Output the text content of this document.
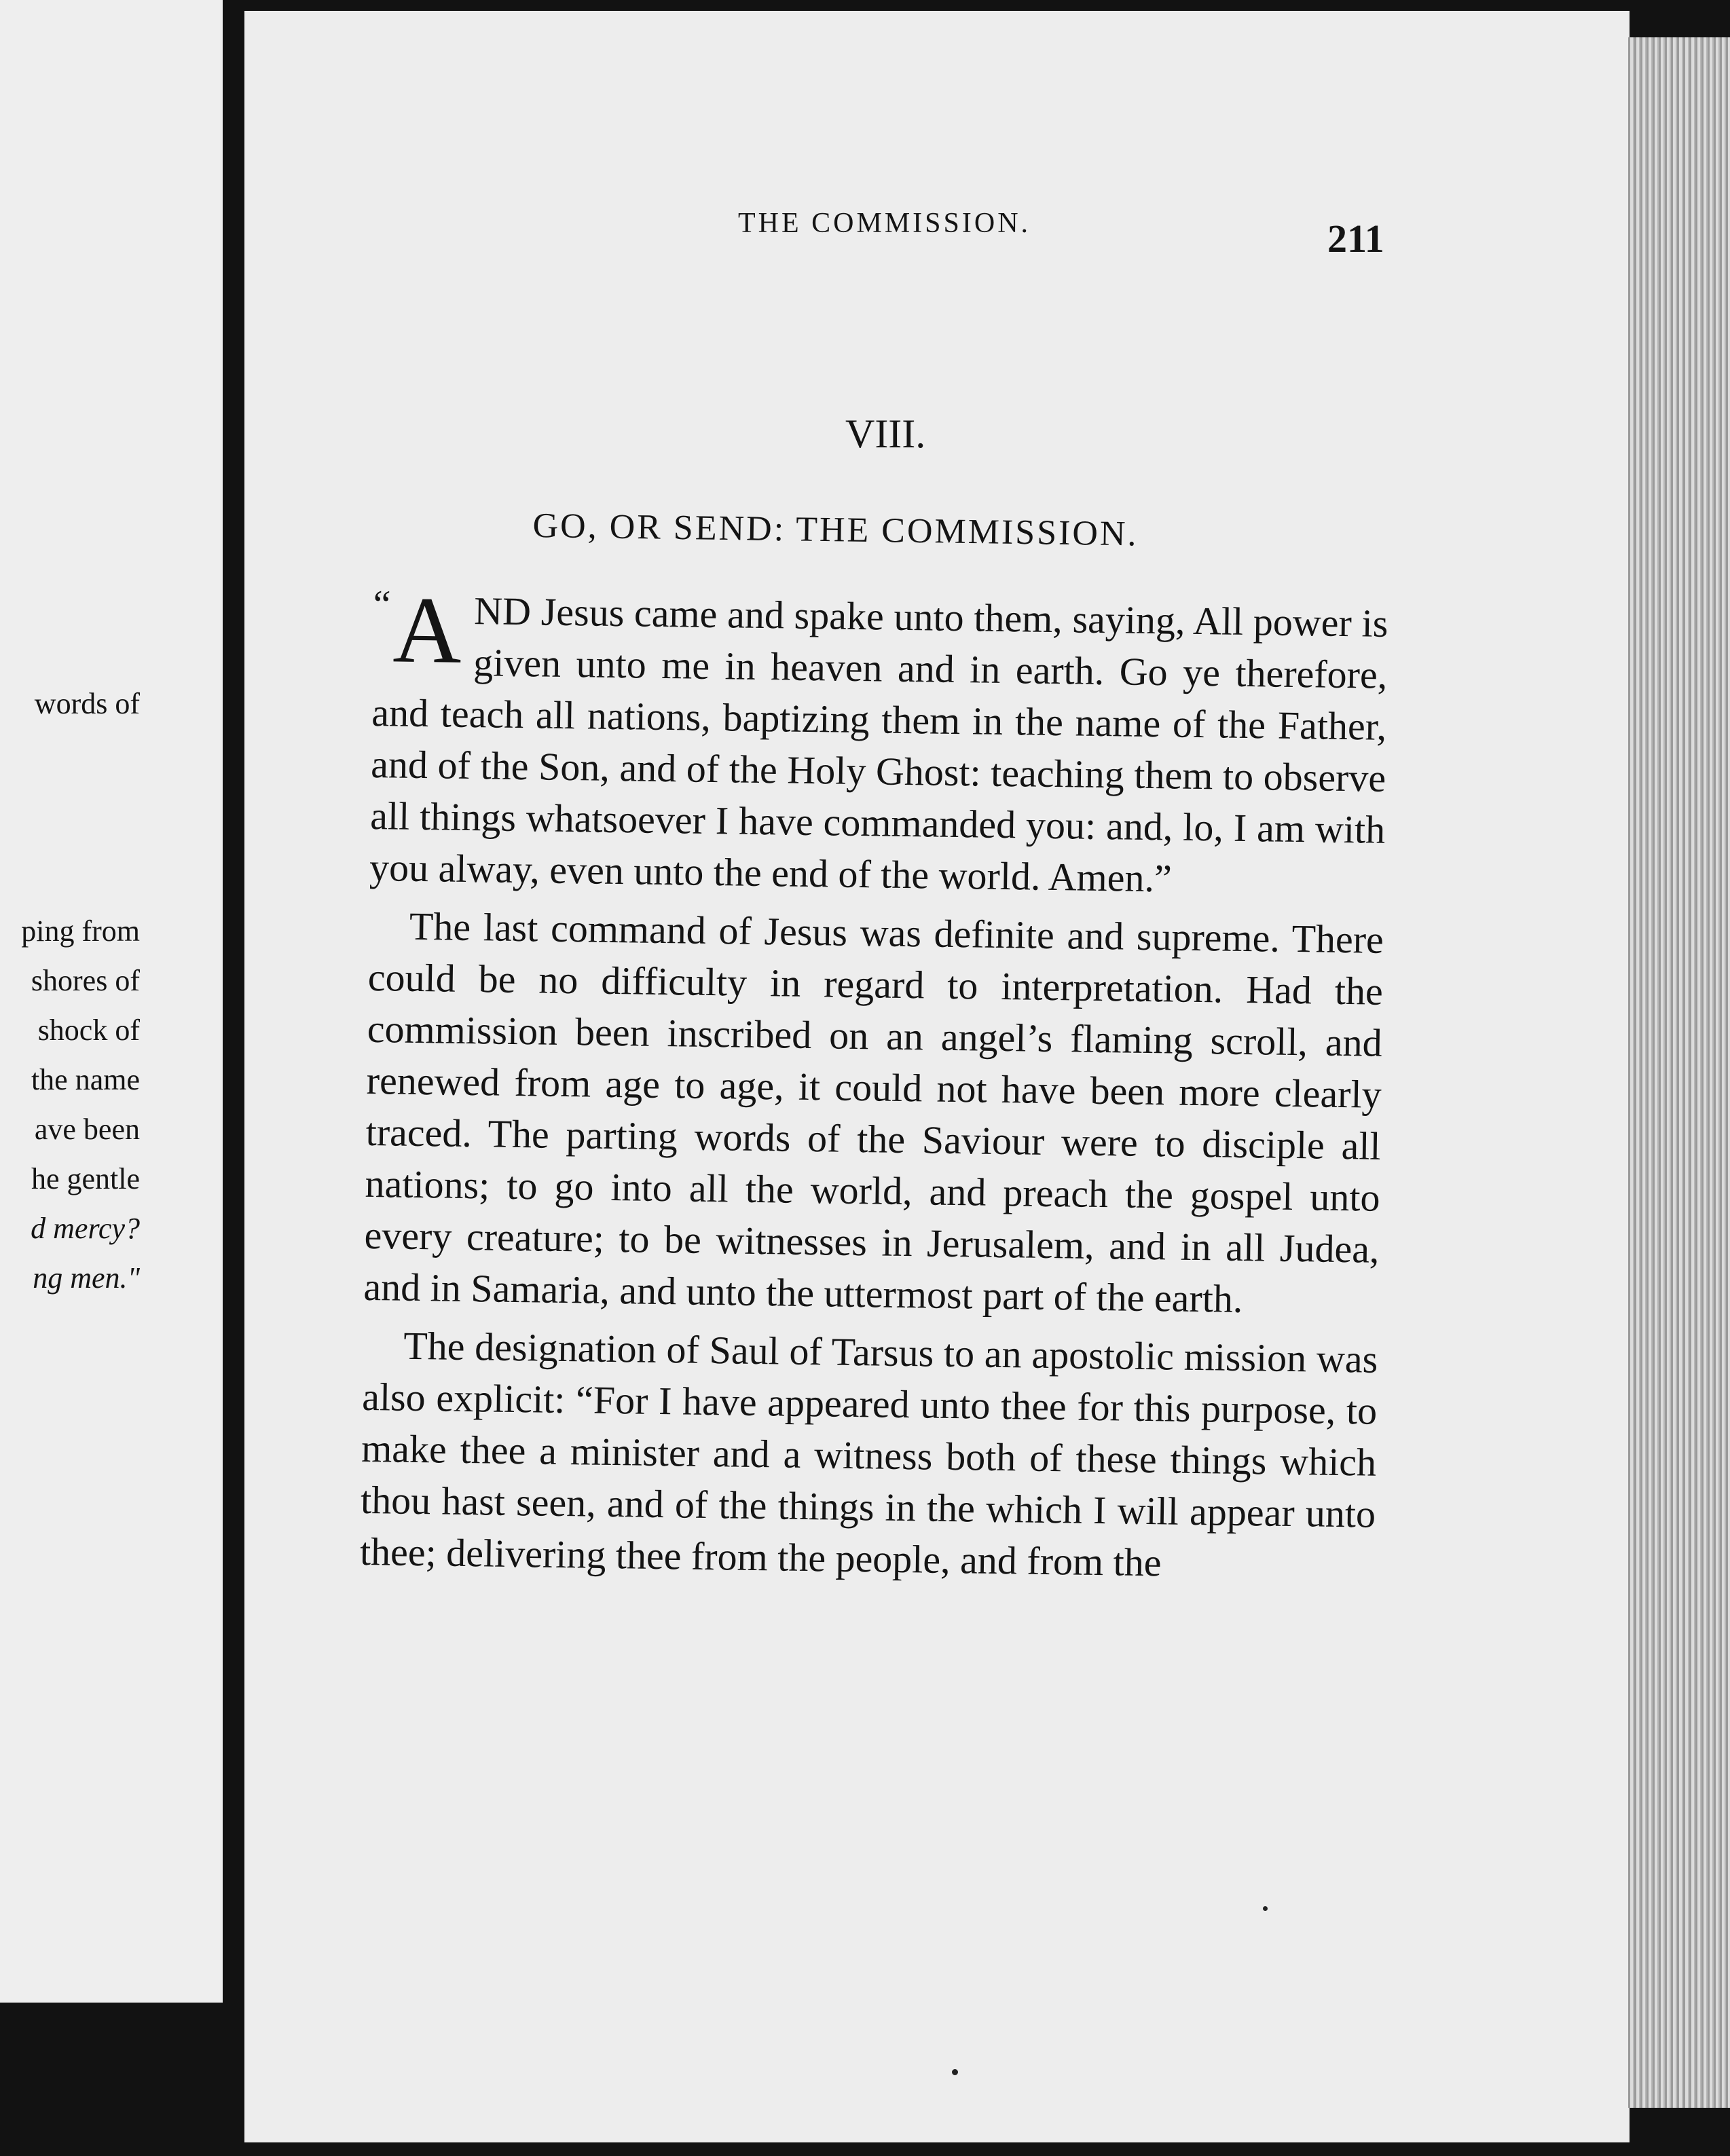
words of
ping from
shores of
shock of
the name
ave been
he gentle
d mercy?
ng men."
THE COMMISSION.	211
VIII.
GO, OR SEND: THE COMMISSION.

“ A ND Jesus came and spake unto them, saying, All power is given unto me in heaven and in earth. Go ye therefore, and teach all nations, baptizing them in the name of the Father, and of the Son, and of the Holy Ghost: teaching them to observe all things whatsoever I have commanded you: and, lo, I am with you alway, even unto the end of the world. Amen.”

The last command of Jesus was definite and supreme. There could be no difficulty in regard to interpretation. Had the commission been inscribed on an angel’s flaming scroll, and renewed from age to age, it could not have been more clearly traced. The parting words of the Saviour were to disciple all nations; to go into all the world, and preach the gospel unto every creature; to be witnesses in Jerusalem, and in all Judea, and in Samaria, and unto the uttermost part of the earth.

The designation of Saul of Tarsus to an apostolic mission was also explicit: “For I have appeared unto thee for this purpose, to make thee a minister and a witness both of these things which thou hast seen, and of the things in the which I will appear unto thee; delivering thee from the people, and from the
